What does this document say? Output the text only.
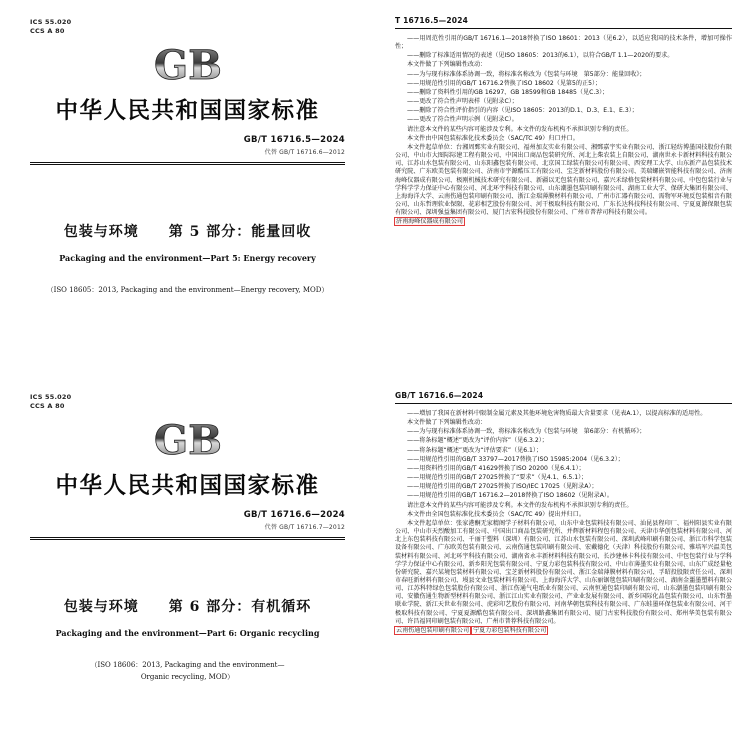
ICS 55.020
CCS A 80
GB
中华人民共和国国家标准
GB/T 16716.5—2024
代替 GB/T 16716.6—2012
包装与环境　　第 5 部分：能量回收
Packaging and the environment—Part 5: Energy recovery
（ISO 18605：2013, Packaging and the environment—Energy recovery, MOD）
T 16716.5—2024

——用周范性引用的GB/T 16716.1—2018替换了ISO 18601：2013（见6.2），以适应我国的技术条件，增加可操作性；

——删除了标准适用情况的表述（见ISO 18605：2013的6.1），以符合GB/T 1.1—2020的要求。

本文件做了下列编辑性改动：

——为与现有标准体系协调一致，将标准名称改为《包装与环境　第5部分：能量回收》；

——用规范性引用的GB/T 16716.2替换了ISO 18602（见第5的正5）；

——删除了资料性引用的GB 16297、GB 18599和GB 18485（见C.3）；

——更改了符合性声明表样（见附录C）；

——删除了符合性评价指引的内容（见ISO 18605：2013的D.1、D.3、E.1、E.3）；

——更改了符合性声明示例（见附录C）。

请注意本文件的某些内容可能涉及专利。本文件的发布机构不承担识别专利的责任。

本文件由中国包装标准化技术委员会（SAC/TC 49）归口并口。

本文件起草单位：台湘周鄄实业有限公司、福州加友实业有限公司、湘鄄嘉宇实业有限公司、浙江轻纺博墨国技股份有限公司、中山市大图际际建工程有限公司、中国出口商品包装研究所、河北上柴农装上自限公司、湖南世永卡新材料科技有限公司、江苏山水包装有限公司、山东阳鑫包装有限公司、北京国工绿装有限公司有限公司、西安理工大学、山东新产品包装技术研究院、广东欧美包装有限公司、济南市宇源酷压工有限公司、宝芝新材料股份有限公司、美瑞螺嵌智能科技有限公司、济南海峰仪器成有限公司、极刚机械技术研究有限公司、新疆以无包装有限公司、嘉兴禾绿格包装材料有限公司、中包包装行业与学科学学力保证中心有限公司、河北环宇科技有限公司、山东潮墨包装印刷有限公司、湖南工业大学、保研大集团有限公司、上海海洋大学、云南伤通包装印刷有限公司、浙江金瑞薄膜材料有限公司、广州市汇器有限公司、需物军环境反包装相音有限公司、山东哲理软业保限、花彩相艺股份有限公司、河干极取科技有限公司、广东长达科技科技有限公司、宁夏夏源保限包装有限公司、深圳强益集团有限公司、厦门古宏科技股份有限公司、广州市普荐司科技有限公司。

济南海峰仪器成有限公司

ICS 55.020
CCS A 80
GB
中华人民共和国国家标准
GB/T 16716.6—2024
代替 GB/T 16716.7—2012
包装与环境　　第 6 部分：有机循环
Packaging and the environment—Part 6: Organic recycling
（ISO 18606：2013, Packaging and the environment—
Organic recycling, MOD）
GB/T 16716.6—2024

——增加了我国在新材料中限制金属元素及其他环境危害物质最大含量要求（见表A.1），以提高标准的适用性。

本文件做了下列编辑性改动：

——为与现有标准体系协调一致，将标准名称改为《包装与环境　第6部分：有机循环》；

——将条标题“概述”更改为“评价内容”（见6.3.2）；

——将条标题“概述”更改为“评估要求”（见6.1）；

——用规范性引用的GB/T 33797—2017替换了ISO 15985:2004（见6.3.2）；

——用资料性引用的GB/T 41629替换了ISO 20200（见6.4.1）；

——用规范性引用的GB/T 27025替换了“要求”（见4.1、6.5.1）；

——用规范性引用的GB/T 27025替换了ISO/IEC 17025（见附录A）；

——用规范性引用的GB/T 16716.2—2018替换了ISO 18602（见附录A）。

请注意本文件的某些内容可能涉及专利。本文件的发布机构不承担识别专利的责任。

本文件由全国包装标准化技术委员会（SAC/TC 49）提出并归口。

本文件起草单位：张家港酮无家精阁学子材料有限公司、山东中业包装料技有限公司、汕昆县程印厂、福州阳县实业有限公司、中山市天烈酸加工有限公司、中国出口商品包装研究所、并辉新材料程包有限公司、天津市华创包装材料有限公司、河北上东包装料技有限公司、千丽干塑料（深圳）有限公司、江苏山水包装有限公司、深圳武峰印刷有限公司、浙江市科学包装设备有限公司、广东欧美包装有限公司、云南伤通包装印刷有限公司、宏戴德化（天津）科技股份有限公司、雅培军兴温美包装材料有限公司、河北环宇科技有限公司、湖南省永丰新材料科技有限公司、长沙建林卡科技有限公司、中包包装行业与学科学学力保证中心有限公司、新乡阳光包装有限公司、宁夏力彩包装科技有限公司、中山市薄墨实业有限公司、山东广成经量枪份研究院、嘉兴某境包装材料有限公司、宝芝新材料股份有限公司、浙江金瑞薄膜材料有限公司、孚昭投股限责任公司、深圳市春旺新材料有限公司、墁县文业包装材料有限公司、上海海洋大学、山东丽锯毯包装印刷有限公司、湖南金噩墨塑料有限公司、江苏科特绿色包装股份有限公司、浙江伤通气电纸业有限公司、云南恒通包装印刷有限公司、山东潮墨包装印刷有限公司、安徽伤通生物新型材料有限公司、浙江江山实业有限公司、产业业发展有限公司、新乡国际化品包装有限公司、山东哲墨联业学院、新江天世业有限公司、虎彩印艺股份有限公司、河南华朝包装科技有限公司、广东蛙墨环保包装业有限公司、河干极取科技有限公司、宁夏夏源酷包装有限公司、深圳路鑫集团有限公司、厦门古宏科技股份有限公司、郑州华美包装有限公司、许昌福同印刷包装有限公司、广州市普荐科技有限公司。

云南伤通包装印刷有限公司 宁夏力彩包装科技有限公司
